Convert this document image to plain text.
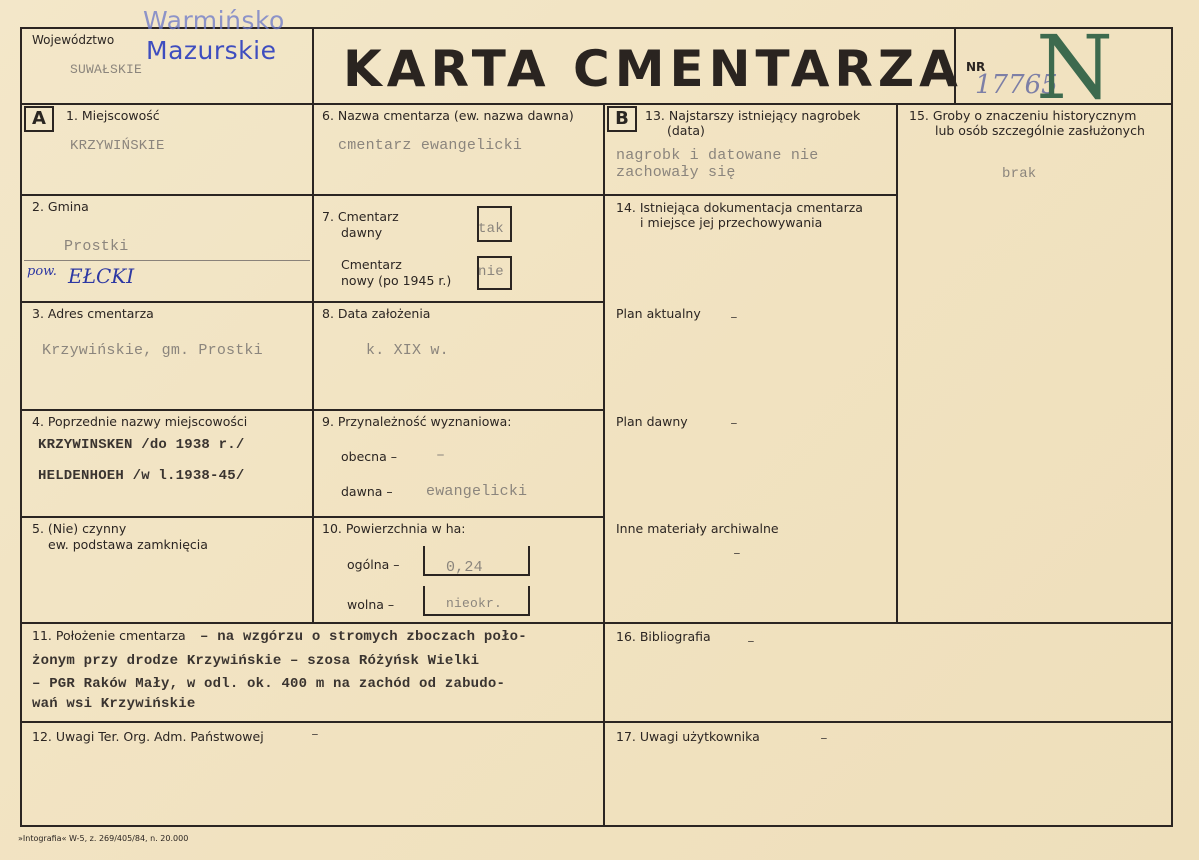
Województwo
SUWAŁSKIE
Warmińsko
Mazurskie KARTA CMENTARZA NR
17765
N
A	B
1. Miejscowość
KRZYWIŃSKIE
2. Gmina
Prostki
pow. EŁCKI
3. Adres cmentarza
Krzywińskie, gm. Prostki
4. Poprzednie nazwy miejscowości
KRZYWINSKEN /do 1938 r./
HELDENHOEH /w l.1938-45/
5. (Nie) czynny
ew. podstawa zamknięcia
6. Nazwa cmentarza (ew. nazwa dawna)
cmentarz ewangelicki
7. Cmentarz
dawny	tak
Cmentarz
nowy (po 1945 r.)
nie
8. Data założenia
k. XIX w.
9. Przynależność wyznaniowa:
obecna –	–
dawna – ewangelicki
10. Powierzchnia w ha:
ogólna –	0,24
wolna –	nieokr.
13. Najstarszy istniejący nagrobek
(data)
nagrobk i datowane nie
zachowały się
14. Istniejąca dokumentacja cmentarza
i miejsce jej przechowywania
Plan aktualny –
Plan dawny	–
Inne materiały archiwalne
–
15. Groby o znaczeniu historycznym
lub osób szczególnie zasłużonych
brak
11. Położenie cmentarza – na wzgórzu o stromych zboczach poło-
żonym przy drodze Krzywińskie – szosa Różyńsk Wielki
– PGR Raków Mały, w odl. ok. 400 m na zachód od zabudo-
wań wsi Krzywińskie
16. Bibliografia	–
12. Uwagi Ter. Org. Adm. Państwowej	–	17. Uwagi użytkownika	–
»Intografia« W-5, z. 269/405/84, n. 20.000
